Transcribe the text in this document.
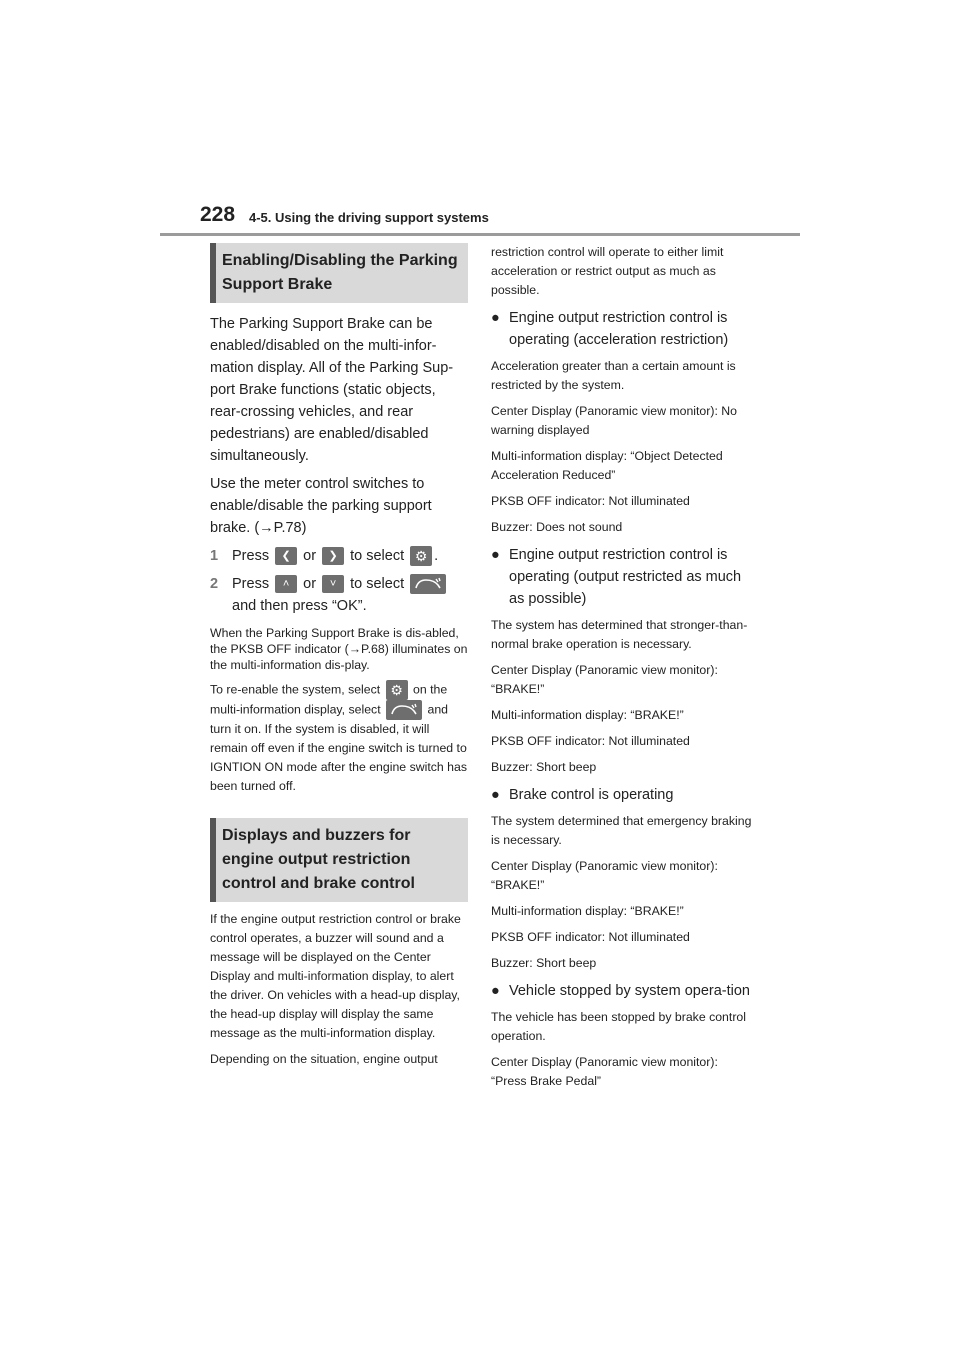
228 4-5. Using the driving support systems
Enabling/Disabling the Parking Support Brake

The Parking Support Brake can be enabled/disabled on the multi-infor-mation display. All of the Parking Sup-port Brake functions (static objects, rear-crossing vehicles, and rear pedestrians) are enabled/disabled simultaneously.

Use the meter control switches to enable/disable the parking support brake. (→P.78)

1 Press ❮ or ❯ to select ⚙ .
2 Press ˄ or ˅ to select
and then press “OK”.

When the Parking Support Brake is dis-abled, the PKSB OFF indicator (→P.68) illuminates on the multi-information dis-play.

To re-enable the system, select ⚙ on the multi-information display, select	and turn it on. If the system is disabled, it will remain off even if the engine switch is turned to IGNTION ON mode after the engine switch has been turned off.

Displays and buzzers for engine output restriction control and brake control

If the engine output restriction control or brake control operates, a buzzer will sound and a message will be displayed on the Center Display and multi-information display, to alert the driver. On vehicles with a head-up display, the head-up display will display the same message as the multi-information display.

Depending on the situation, engine output

restriction control will operate to either limit acceleration or restrict output as much as possible.

● Engine output restriction control is operating (acceleration restriction)

Acceleration greater than a certain amount is restricted by the system.

Center Display (Panoramic view monitor): No warning displayed

Multi-information display: “Object Detected Acceleration Reduced”

PKSB OFF indicator: Not illuminated

Buzzer: Does not sound

● Engine output restriction control is operating (output restricted as much as possible)

The system has determined that stronger-than-normal brake operation is necessary.

Center Display (Panoramic view monitor): “BRAKE!”

Multi-information display: “BRAKE!”

PKSB OFF indicator: Not illuminated

Buzzer: Short beep

● Brake control is operating

The system determined that emergency braking is necessary.

Center Display (Panoramic view monitor): “BRAKE!”

Multi-information display: “BRAKE!”

PKSB OFF indicator: Not illuminated

Buzzer: Short beep

● Vehicle stopped by system opera-tion

The vehicle has been stopped by brake control operation.

Center Display (Panoramic view monitor): “Press Brake Pedal”
